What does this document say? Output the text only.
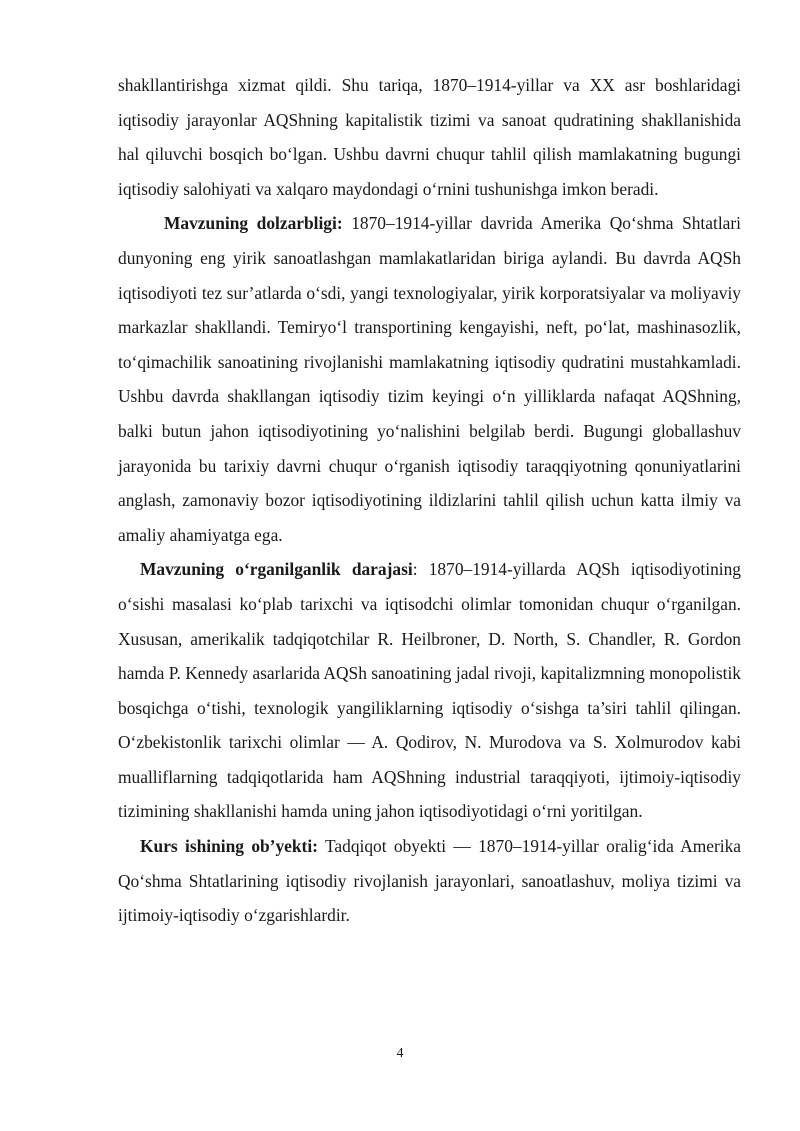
shakllantirishga xizmat qildi. Shu tariqa, 1870–1914-yillar va XX asr boshlaridagi iqtisodiy jarayonlar AQShning kapitalistik tizimi va sanoat qudratining shakllanishida hal qiluvchi bosqich bo‘lgan. Ushbu davrni chuqur tahlil qilish mamlakatning bugungi iqtisodiy salohiyati va xalqaro maydondagi o‘rnini tushunishga imkon beradi.

Mavzuning dolzarbligi: 1870–1914-yillar davrida Amerika Qo‘shma Shtatlari dunyoning eng yirik sanoatlashgan mamlakatlaridan biriga aylandi. Bu davrda AQSh iqtisodiyoti tez sur’atlarda o‘sdi, yangi texnologiyalar, yirik korporatsiyalar va moliyaviy markazlar shakllandi. Temiryo‘l transportining kengayishi, neft, po‘lat, mashinasozlik, to‘qimachilik sanoatining rivojlanishi mamlakatning iqtisodiy qudratini mustahkamladi. Ushbu davrda shakllangan iqtisodiy tizim keyingi o‘n yilliklarda nafaqat AQShning, balki butun jahon iqtisodiyotining yo‘nalishini belgilab berdi. Bugungi globallashuv jarayonida bu tarixiy davrni chuqur o‘rganish iqtisodiy taraqqiyotning qonuniyatlarini anglash, zamonaviy bozor iqtisodiyotining ildizlarini tahlil qilish uchun katta ilmiy va amaliy ahamiyatga ega.

Mavzuning o‘rganilganlik darajasi: 1870–1914-yillarda AQSh iqtisodiyotining o‘sishi masalasi ko‘plab tarixchi va iqtisodchi olimlar tomonidan chuqur o‘rganilgan. Xususan, amerikalik tadqiqotchilar R. Heilbroner, D. North, S. Chandler, R. Gordon hamda P. Kennedy asarlarida AQSh sanoatining jadal rivoji, kapitalizmning monopolistik bosqichga o‘tishi, texnologik yangiliklarning iqtisodiy o‘sishga ta’siri tahlil qilingan. O‘zbekistonlik tarixchi olimlar — A. Qodirov, N. Murodova va S. Xolmurodov kabi mualliflarning tadqiqotlarida ham AQShning industrial taraqqiyoti, ijtimoiy-iqtisodiy tizimining shakllanishi hamda uning jahon iqtisodiyotidagi o‘rni yoritilgan.

Kurs ishining ob’yekti: Tadqiqot obyekti — 1870–1914-yillar oralig‘ida Amerika Qo‘shma Shtatlarining iqtisodiy rivojlanish jarayonlari, sanoatlashuv, moliya tizimi va ijtimoiy-iqtisodiy o‘zgarishlardir.

4
